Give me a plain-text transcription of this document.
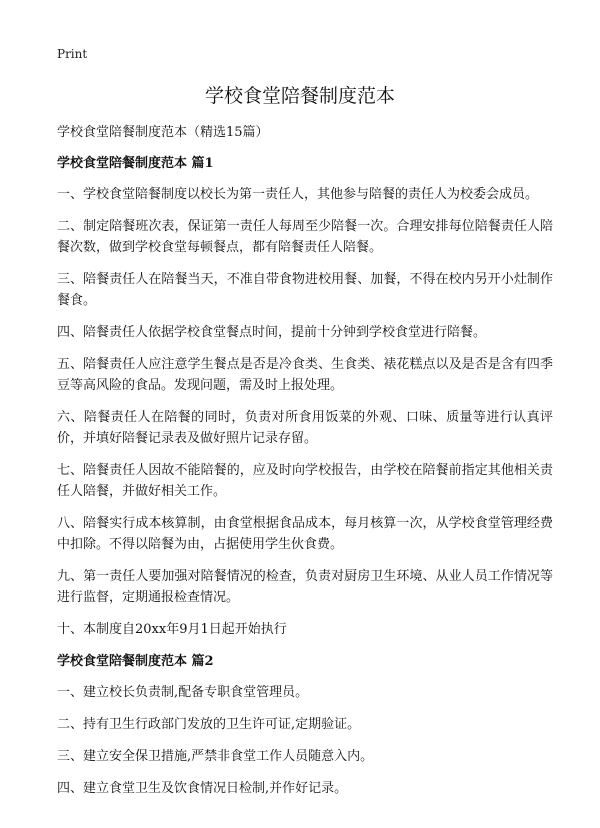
Print
学校食堂陪餐制度范本

学校食堂陪餐制度范本（精选15篇）

学校食堂陪餐制度范本 篇1

一、学校食堂陪餐制度以校长为第一责任人，其他参与陪餐的责任人为校委会成员。

二、制定陪餐班次表，保证第一责任人每周至少陪餐一次。合理安排每位陪餐责任人陪餐次数，做到学校食堂每顿餐点，都有陪餐责任人陪餐。

三、陪餐责任人在陪餐当天，不准自带食物进校用餐、加餐，不得在校内另开小灶制作餐食。

四、陪餐责任人依据学校食堂餐点时间，提前十分钟到学校食堂进行陪餐。

五、陪餐责任人应注意学生餐点是否是冷食类、生食类、裱花糕点以及是否是含有四季豆等高风险的食品。发现问题，需及时上报处理。

六、陪餐责任人在陪餐的同时，负责对所食用饭菜的外观、口味、质量等进行认真评价，并填好陪餐记录表及做好照片记录存留。

七、陪餐责任人因故不能陪餐的，应及时向学校报告，由学校在陪餐前指定其他相关责任人陪餐，并做好相关工作。

八、陪餐实行成本核算制，由食堂根据食品成本，每月核算一次，从学校食堂管理经费中扣除。不得以陪餐为由，占据使用学生伙食费。

九、第一责任人要加强对陪餐情况的检查，负责对厨房卫生环境、从业人员工作情况等进行监督，定期通报检查情况。

十、本制度自20xx年9月1日起开始执行

学校食堂陪餐制度范本 篇2

一、建立校长负责制,配备专职食堂管理员。

二、持有卫生行政部门发放的卫生许可证,定期验证。

三、建立安全保卫措施,严禁非食堂工作人员随意入内。

四、建立食堂卫生及饮食情况日检制,并作好记录。
